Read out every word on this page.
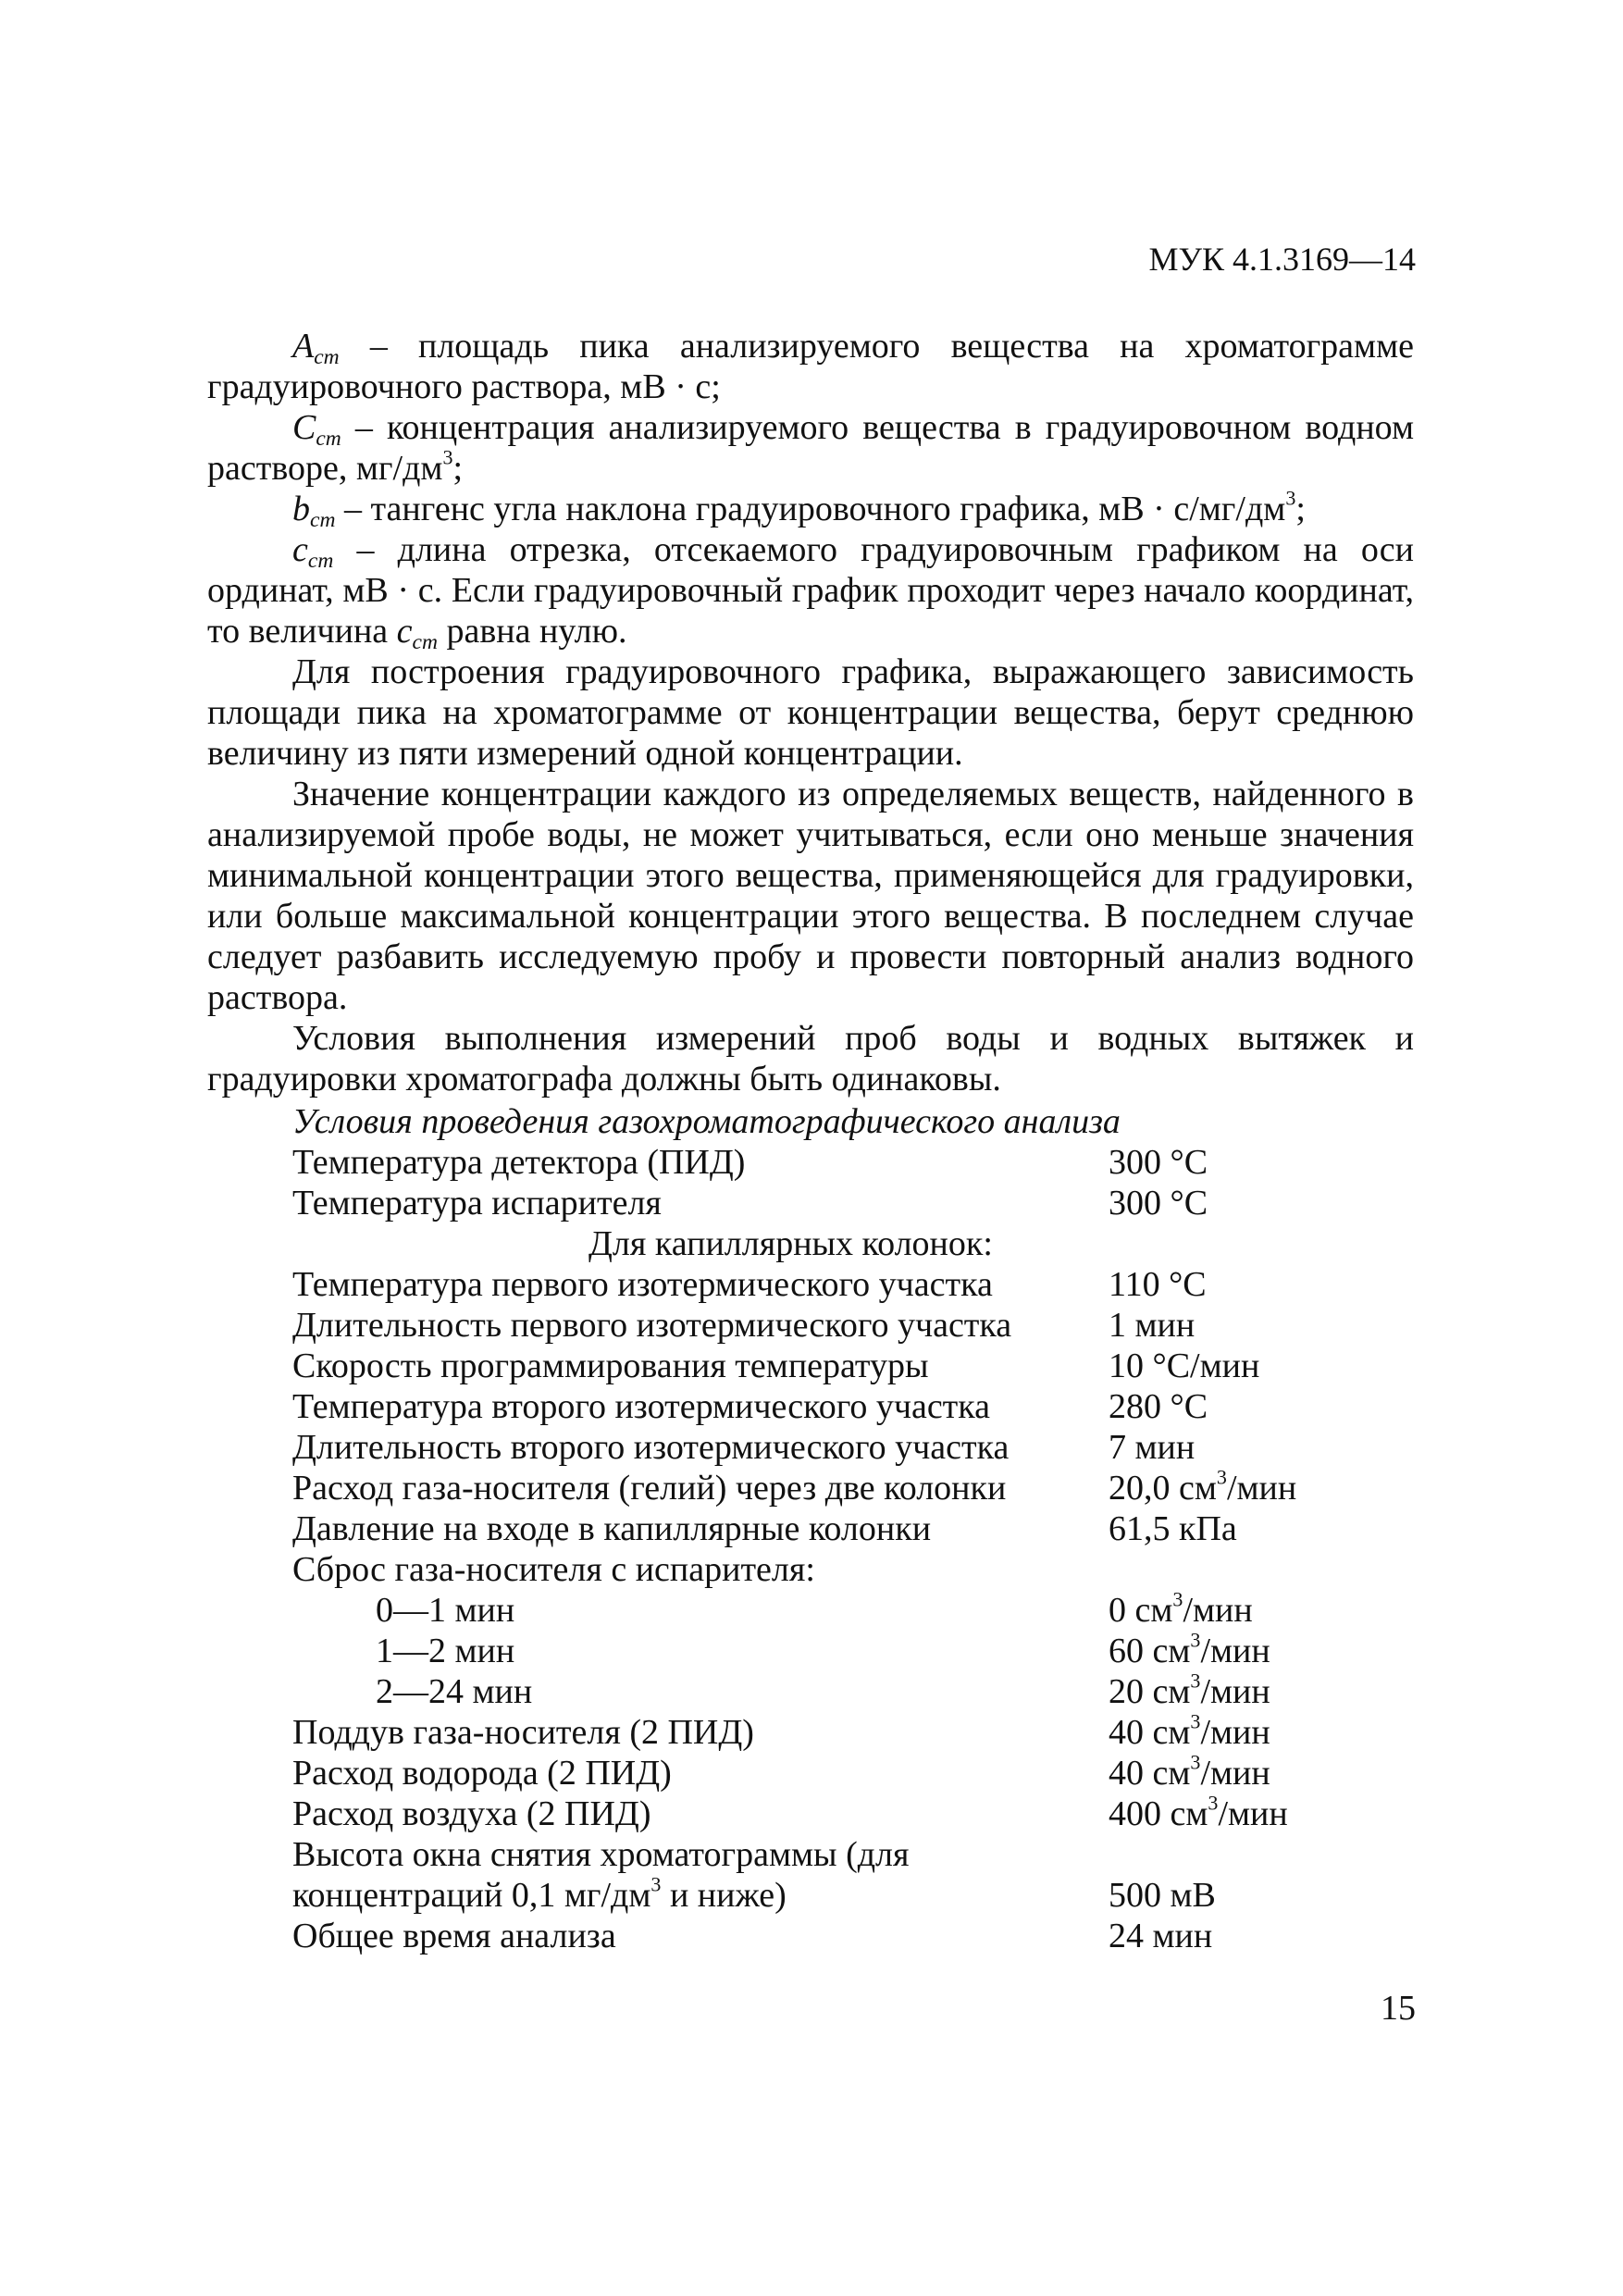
МУК 4.1.3169—14

$A_{ст}$ – площадь пика анализируемого вещества на хроматограмме градуировочного раствора, мВ · с;

$C_{ст}$ – концентрация анализируемого вещества в градуировочном водном растворе, $мг/дм^3$;

$b_{ст}$ – тангенс угла наклона градуировочного графика, мВ · $с/мг/дм^3$;

$c_{ст}$ – длина отрезка, отсекаемого градуировочным графиком на оси ординат, мВ · с. Если градуировочный график проходит через начало координат, то величина $c_{ст}$ равна нулю.

Для построения градуировочного графика, выражающего зависимость площади пика на хроматограмме от концентрации вещества, берут среднюю величину из пяти измерений одной концентрации.

Значение концентрации каждого из определяемых веществ, найденного в анализируемой пробе воды, не может учитываться, если оно меньше значения минимальной концентрации этого вещества, применяющейся для градуировки, или больше максимальной концентрации этого вещества. В последнем случае следует разбавить исследуемую пробу и провести повторный анализ водного раствора.

Условия выполнения измерений проб воды и водных вытяжек и градуировки хроматографа должны быть одинаковы.

Условия проведения газохроматографического анализа
Температура детектора (ПИД)	300 °С
Температура испарителя	300 °С
Для капиллярных колонок:
Температура первого изотермического участка	110 °С
Длительность первого изотермического участка	1 мин
Скорость программирования температуры	10 °С/мин
Температура второго изотермического участка	280 °С
Длительность второго изотермического участка	7 мин
Расход газа-носителя (гелий) через две колонки	20,0 $см^3$/мин
Давление на входе в капиллярные колонки	61,5 кПа
Сброс газа-носителя с испарителя:
0—1 мин	0 $см^3$/мин
1—2 мин	60 $см^3$/мин
2—24 мин	20 $см^3$/мин
Поддув газа-носителя (2 ПИД)	40 $см^3$/мин
Расход водорода (2 ПИД)	40 $см^3$/мин
Расход воздуха (2 ПИД)	400 $см^3$/мин
Высота окна снятия хроматограммы (для
концентраций 0,1 $мг/дм^3$ и ниже)	500 мВ
Общее время анализа	24 мин
15
